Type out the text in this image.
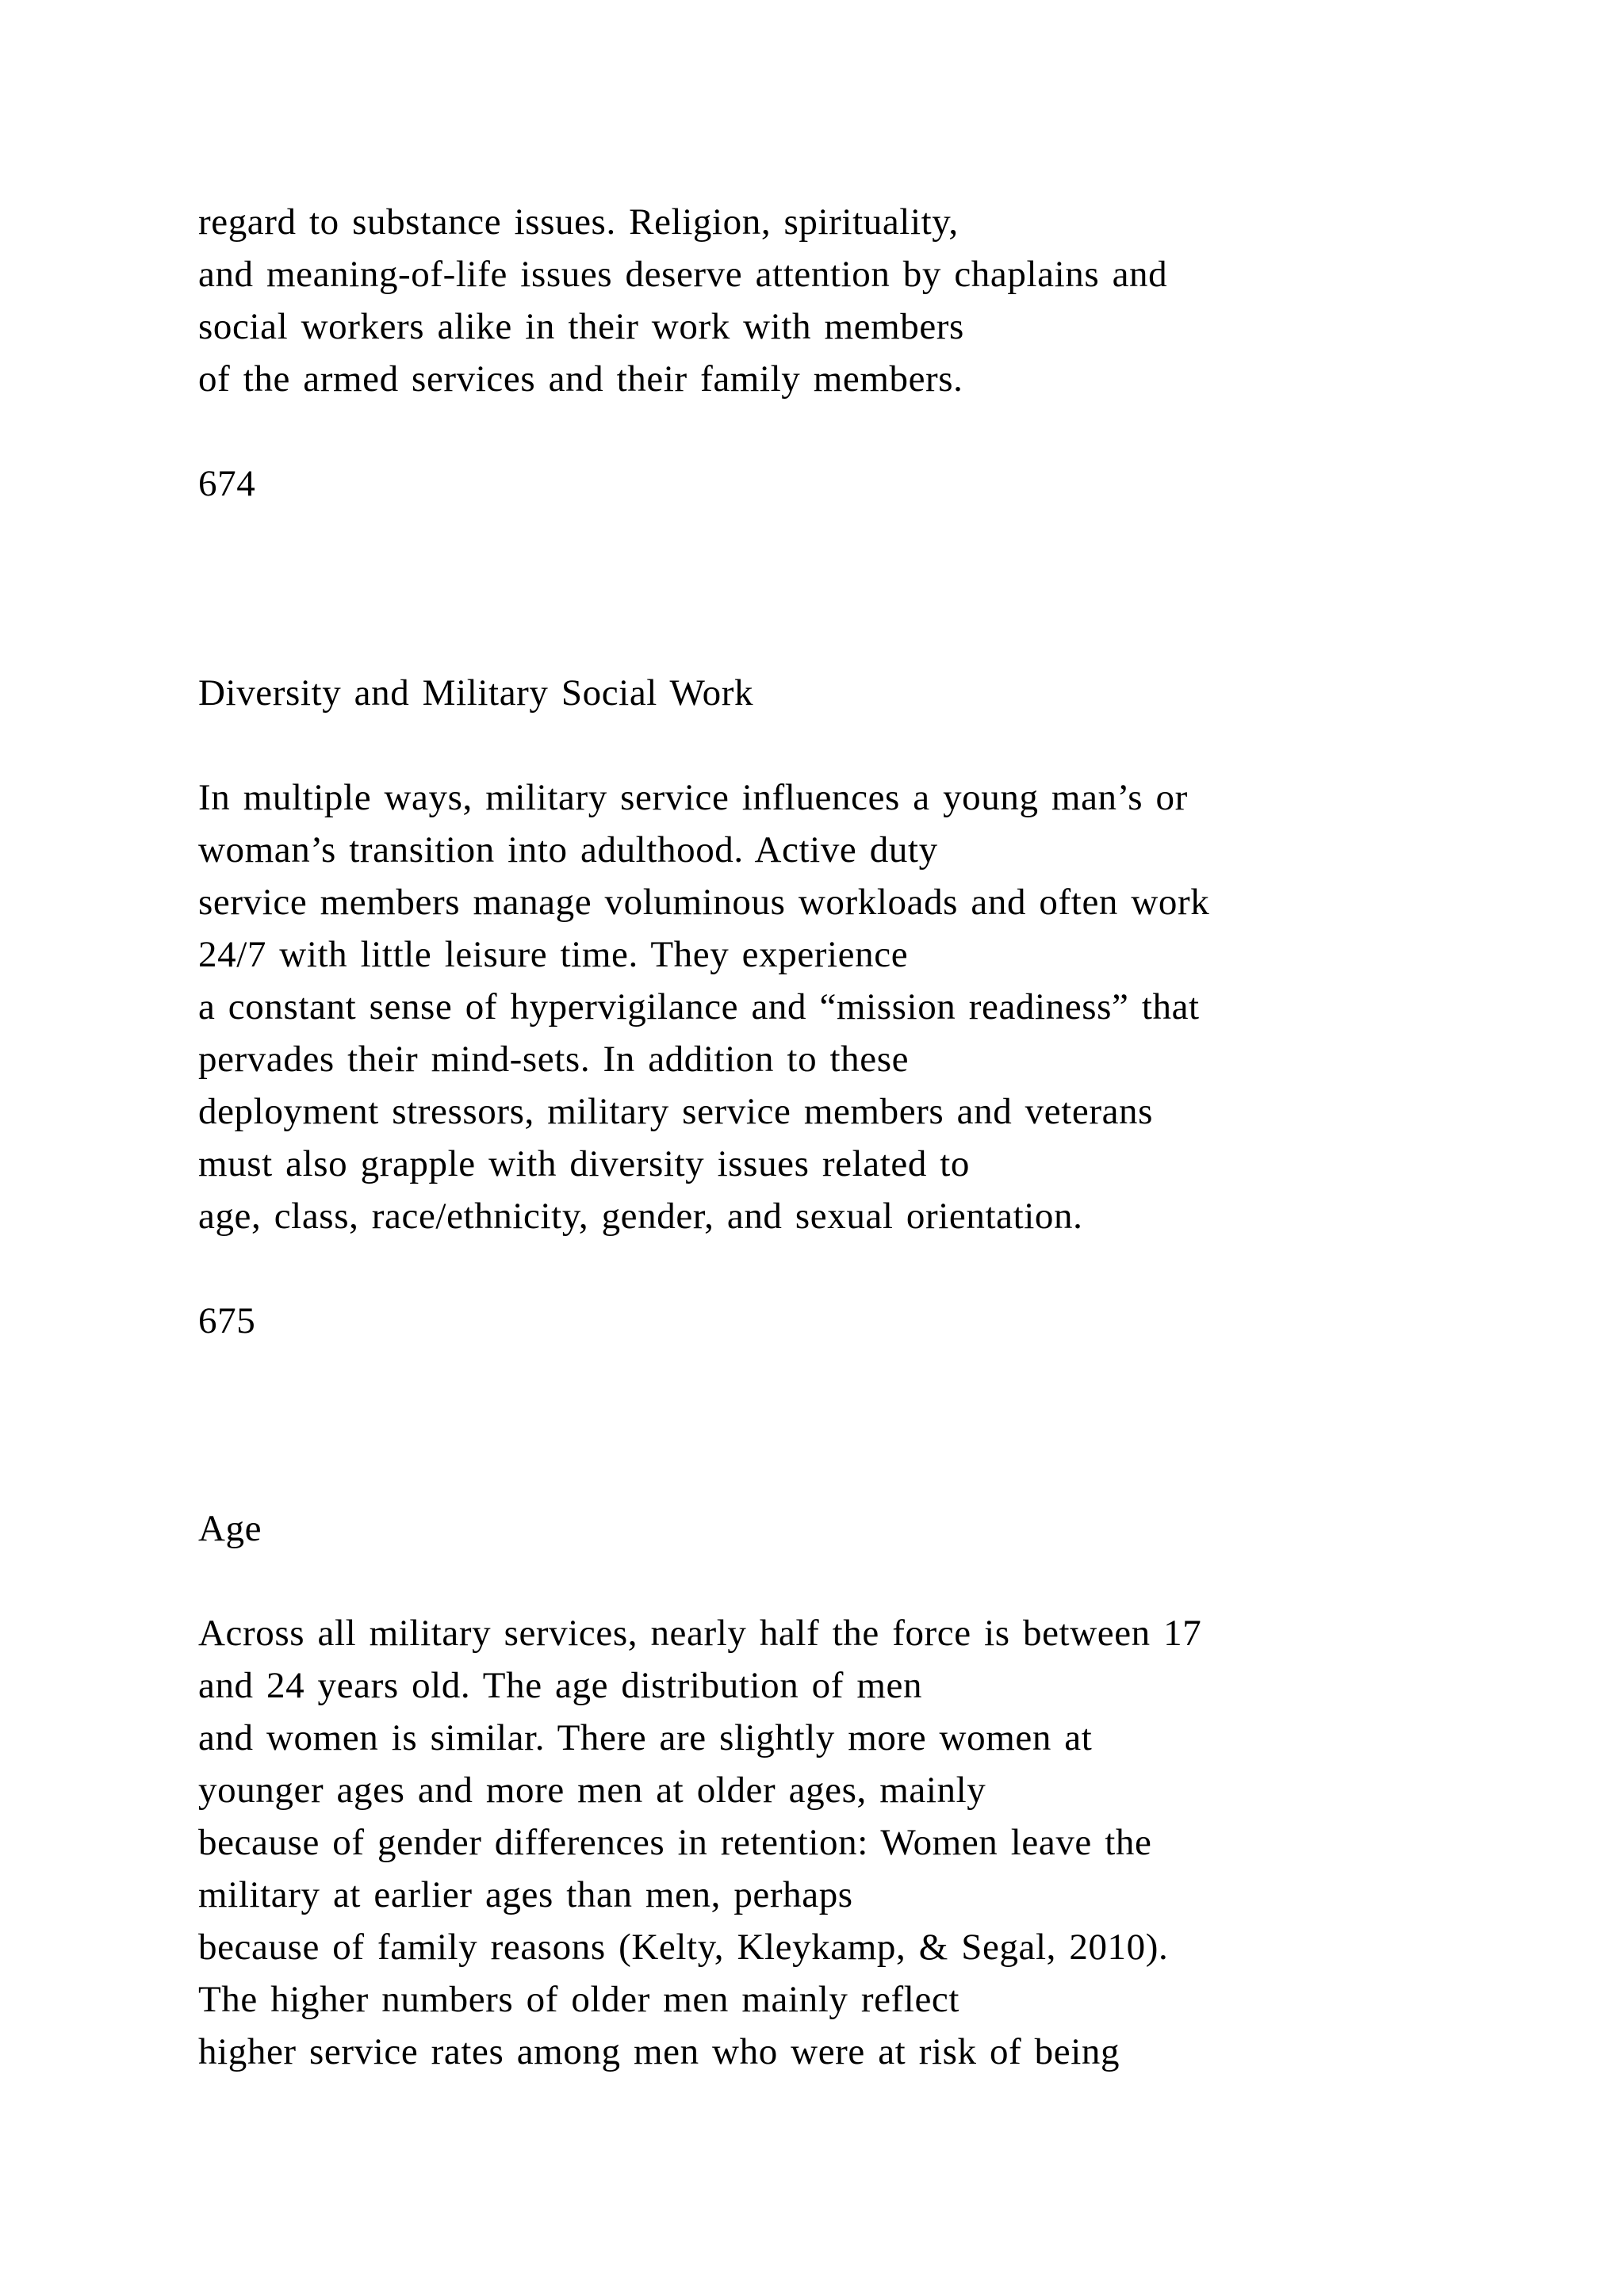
regard to substance issues. Religion, spirituality,
and meaning-of-life issues deserve attention by chaplains and
social workers alike in their work with members
of the armed services and their family members.
674
Diversity and Military Social Work
In multiple ways, military service influences a young man’s or
woman’s transition into adulthood. Active duty
service members manage voluminous workloads and often work
24/7 with little leisure time. They experience
a constant sense of hypervigilance and “mission readiness” that
pervades their mind-sets. In addition to these
deployment stressors, military service members and veterans
must also grapple with diversity issues related to
age, class, race/ethnicity, gender, and sexual orientation.
675
Age
Across all military services, nearly half the force is between 17
and 24 years old. The age distribution of men
and women is similar. There are slightly more women at
younger ages and more men at older ages, mainly
because of gender differences in retention: Women leave the
military at earlier ages than men, perhaps
because of family reasons (Kelty, Kleykamp, & Segal, 2010).
The higher numbers of older men mainly reflect
higher service rates among men who were at risk of being
